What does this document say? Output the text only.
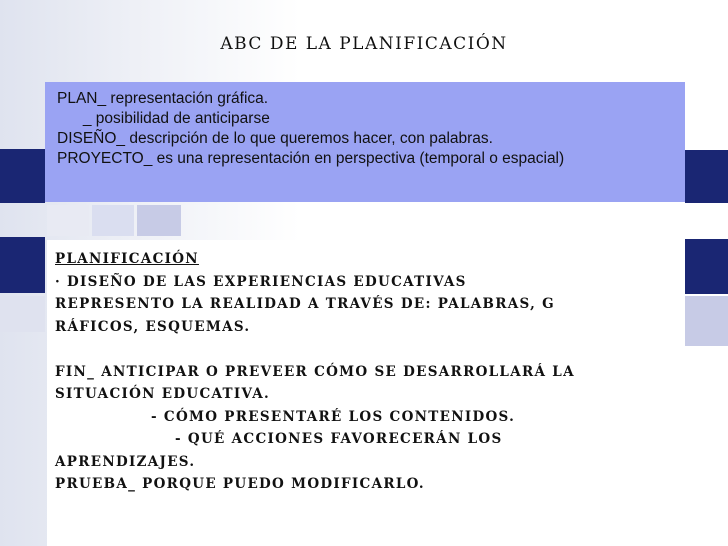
ABC DE LA PLANIFICACIÓN
PLAN_ representación gráfica.
_ posibilidad de anticiparse
DISEÑO_ descripción de lo que queremos hacer, con palabras.
PROYECTO_ es una representación en perspectiva (temporal o espacial)
PLANIFICACIÓN
· DISEÑO DE LAS EXPERIENCIAS EDUCATIVAS
REPRESENTO LA REALIDAD A TRAVÉS DE: PALABRAS, G
RÁFICOS, ESQUEMAS.
FIN_ ANTICIPAR O PREVEER CÓMO SE DESARROLLARÁ LA
SITUACIÓN EDUCATIVA.
- CÓMO PRESENTARÉ LOS CONTENIDOS.
- QUÉ ACCIONES FAVORECERÁN LOS
APRENDIZAJES.
PRUEBA_ PORQUE PUEDO MODIFICARLO.
